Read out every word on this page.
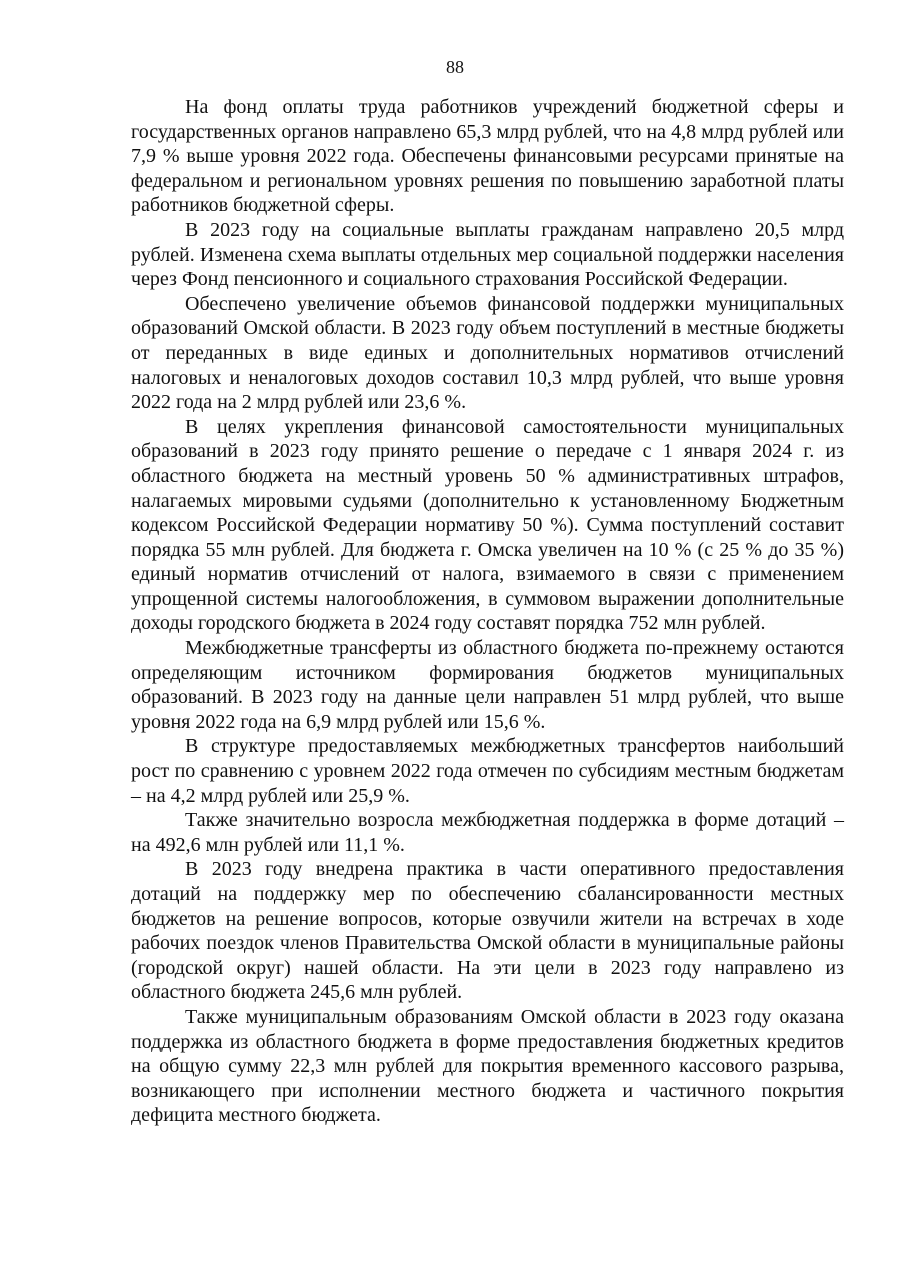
88

На фонд оплаты труда работников учреждений бюджетной сферы и государственных органов направлено 65,3 млрд рублей, что на 4,8 млрд рублей или 7,9 % выше уровня 2022 года. Обеспечены финансовыми ресурсами принятые на федеральном и региональном уровнях решения по повышению заработной платы работников бюджетной сферы.

В 2023 году на социальные выплаты гражданам направлено 20,5 млрд рублей. Изменена схема выплаты отдельных мер социальной поддержки населения через Фонд пенсионного и социального страхования Российской Федерации.

Обеспечено увеличение объемов финансовой поддержки муниципальных образований Омской области. В 2023 году объем поступлений в местные бюджеты от переданных в виде единых и дополнительных нормативов отчислений налоговых и неналоговых доходов составил 10,3 млрд рублей, что выше уровня 2022 года на 2 млрд рублей или 23,6 %.

В целях укрепления финансовой самостоятельности муниципальных образований в 2023 году принято решение о передаче с 1 января 2024 г. из областного бюджета на местный уровень 50 % административных штрафов, налагаемых мировыми судьями (дополнительно к установленному Бюджетным кодексом Российской Федерации нормативу 50 %). Сумма поступлений составит порядка 55 млн рублей. Для бюджета г. Омска увеличен на 10 % (с 25 % до 35 %) единый норматив отчислений от налога, взимаемого в связи с применением упрощенной системы налогообложения, в суммовом выражении дополнительные доходы городского бюджета в 2024 году составят порядка 752 млн рублей.

Межбюджетные трансферты из областного бюджета по-прежнему остаются определяющим источником формирования бюджетов муниципальных образований. В 2023 году на данные цели направлен 51 млрд рублей, что выше уровня 2022 года на 6,9 млрд рублей или 15,6 %.

В структуре предоставляемых межбюджетных трансфертов наибольший рост по сравнению с уровнем 2022 года отмечен по субсидиям местным бюджетам – на 4,2 млрд рублей или 25,9 %.

Также значительно возросла межбюджетная поддержка в форме дотаций – на 492,6 млн рублей или 11,1 %.

В 2023 году внедрена практика в части оперативного предоставления дотаций на поддержку мер по обеспечению сбалансированности местных бюджетов на решение вопросов, которые озвучили жители на встречах в ходе рабочих поездок членов Правительства Омской области в муниципальные районы (городской округ) нашей области. На эти цели в 2023 году направлено из областного бюджета 245,6 млн рублей.

Также муниципальным образованиям Омской области в 2023 году оказана поддержка из областного бюджета в форме предоставления бюджетных кредитов на общую сумму 22,3 млн рублей для покрытия временного кассового разрыва, возникающего при исполнении местного бюджета и частичного покрытия дефицита местного бюджета.
